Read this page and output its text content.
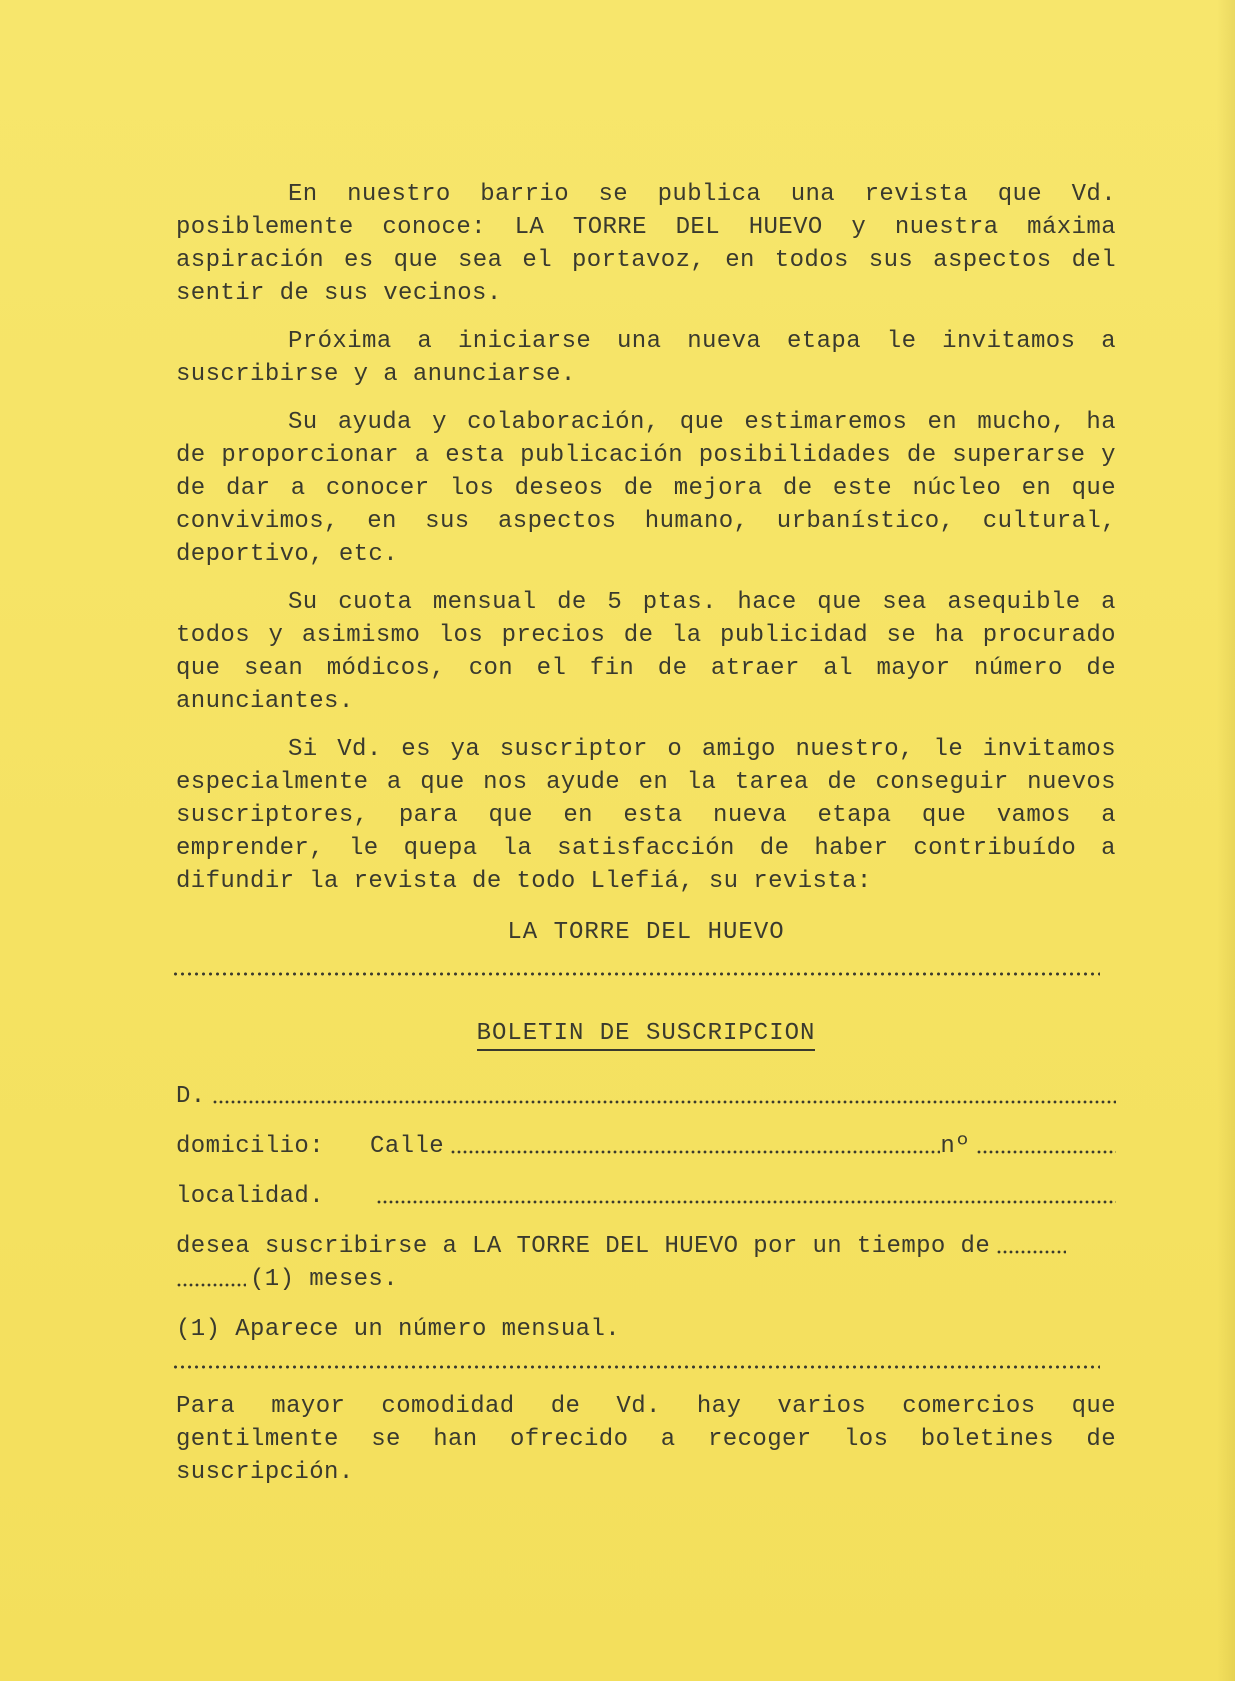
En nuestro barrio se publica una revista que Vd. posiblemente conoce: LA TORRE DEL HUEVO y nuestra máxima aspiración es que sea el portavoz, en todos sus aspectos del sentir de sus vecinos.

Próxima a iniciarse una nueva etapa le invitamos a suscribirse y a anunciarse.

Su ayuda y colaboración, que estimaremos en mucho, ha de proporcionar a esta publicación posibilidades de superarse y de dar a conocer los deseos de mejora de este núcleo en que convivimos, en sus aspectos humano, urbanístico, cultural, deportivo, etc.

Su cuota mensual de 5 ptas. hace que sea asequible a todos y asimismo los precios de la publicidad se ha procurado que sean módicos, con el fin de atraer al mayor número de anunciantes.

Si Vd. es ya suscriptor o amigo nuestro, le invitamos especialmente a que nos ayude en la tarea de conseguir nuevos suscriptores, para que en esta nueva etapa que vamos a emprender, le quepa la satisfacción de haber contribuído a difundir la revista de todo Llefiá, su revista:

LA TORRE DEL HUEVO
BOLETIN DE SUSCRIPCION
D.
domicilio: Calle	nº
localidad.
desea suscribirse a LA TORRE DEL HUEVO por un tiempo de
(1) meses.
(1) Aparece un número mensual.

Para mayor comodidad de Vd. hay varios comercios que gentilmente se han ofrecido a recoger los boletines de suscripción.
